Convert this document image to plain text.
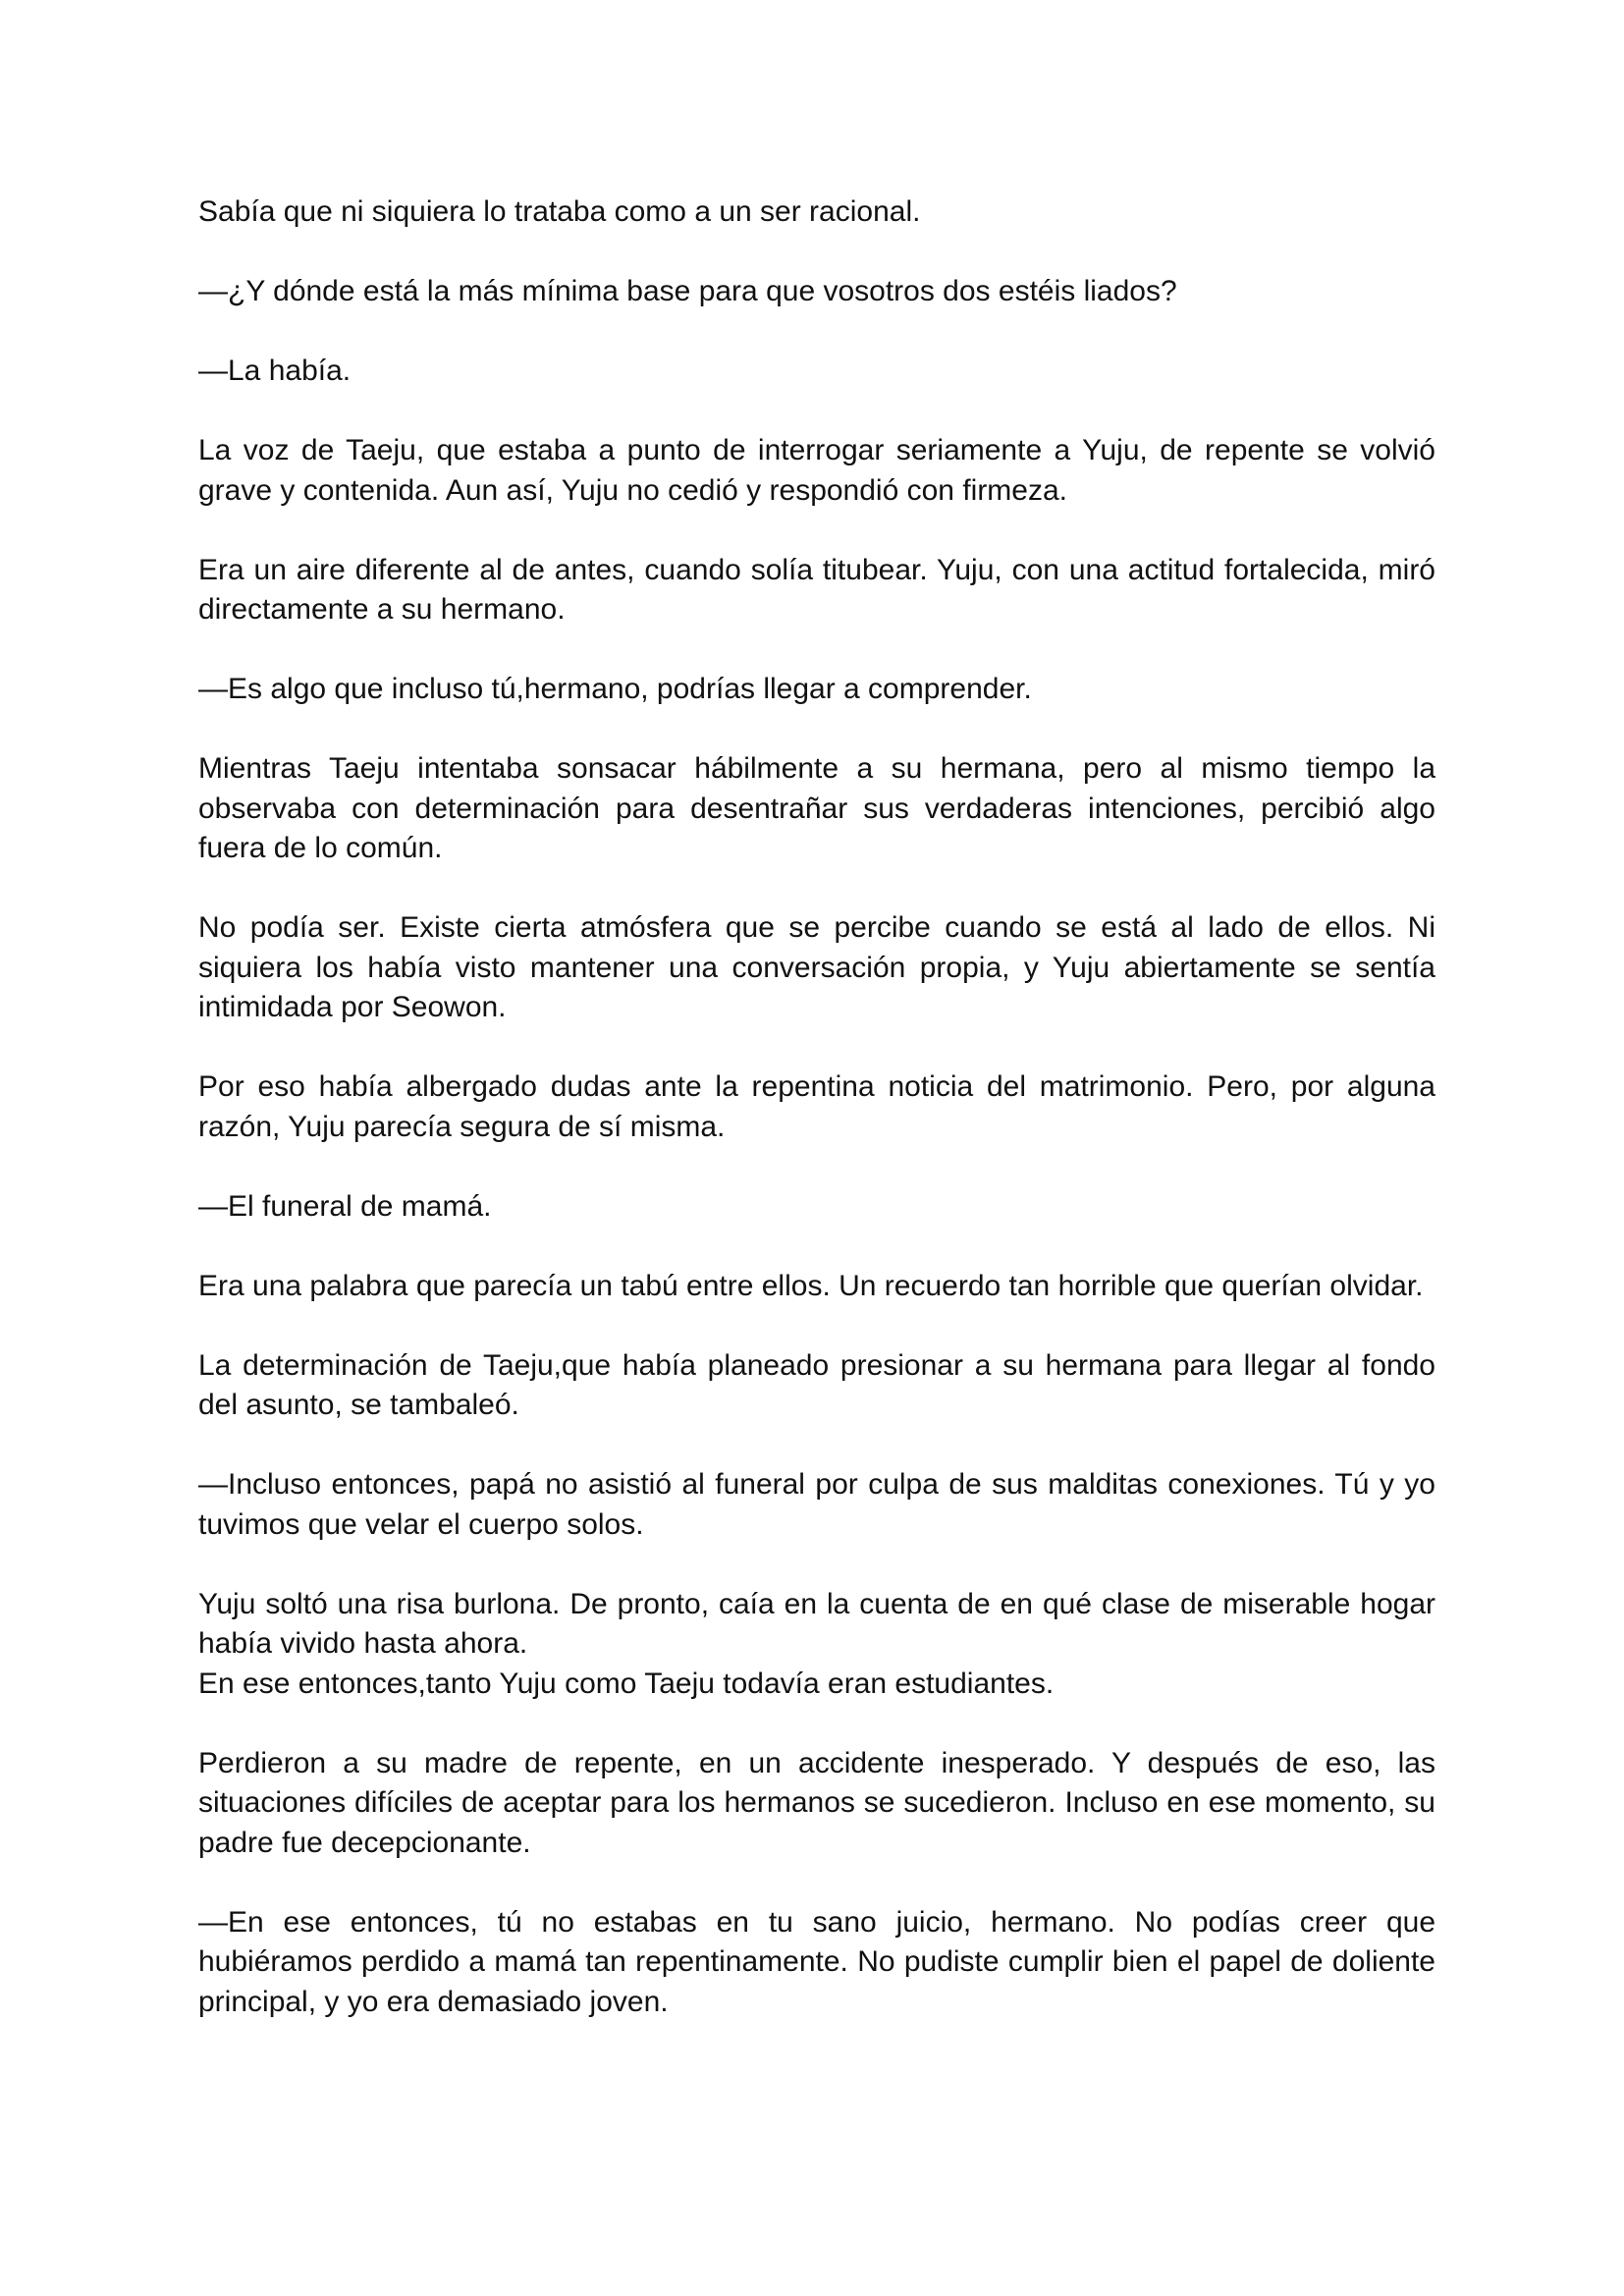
Sabía que ni siquiera lo trataba como a un ser racional.

—¿Y dónde está la más mínima base para que vosotros dos estéis liados?

—La había.

La voz de Taeju, que estaba a punto de interrogar seriamente a Yuju, de repente se volvió grave y contenida. Aun así, Yuju no cedió y respondió con firmeza.

Era un aire diferente al de antes, cuando solía titubear. Yuju, con una actitud fortalecida, miró directamente a su hermano.

—Es algo que incluso tú,hermano, podrías llegar a comprender.

Mientras Taeju intentaba sonsacar hábilmente a su hermana, pero al mismo tiempo la observaba con determinación para desentrañar sus verdaderas intenciones, percibió algo fuera de lo común.

No podía ser. Existe cierta atmósfera que se percibe cuando se está al lado de ellos. Ni siquiera los había visto mantener una conversación propia, y Yuju abiertamente se sentía intimidada por Seowon.

Por eso había albergado dudas ante la repentina noticia del matrimonio. Pero, por alguna razón, Yuju parecía segura de sí misma.

—El funeral de mamá.

Era una palabra que parecía un tabú entre ellos. Un recuerdo tan horrible que querían olvidar.

La determinación de Taeju,que había planeado presionar a su hermana para llegar al fondo del asunto, se tambaleó.

—Incluso entonces, papá no asistió al funeral por culpa de sus malditas conexiones. Tú y yo tuvimos que velar el cuerpo solos.

Yuju soltó una risa burlona. De pronto, caía en la cuenta de en qué clase de miserable hogar había vivido hasta ahora.

En ese entonces,tanto Yuju como Taeju todavía eran estudiantes.

Perdieron a su madre de repente, en un accidente inesperado. Y después de eso, las situaciones difíciles de aceptar para los hermanos se sucedieron. Incluso en ese momento, su padre fue decepcionante.

—En ese entonces, tú no estabas en tu sano juicio, hermano. No podías creer que hubiéramos perdido a mamá tan repentinamente. No pudiste cumplir bien el papel de doliente principal, y yo era demasiado joven.
